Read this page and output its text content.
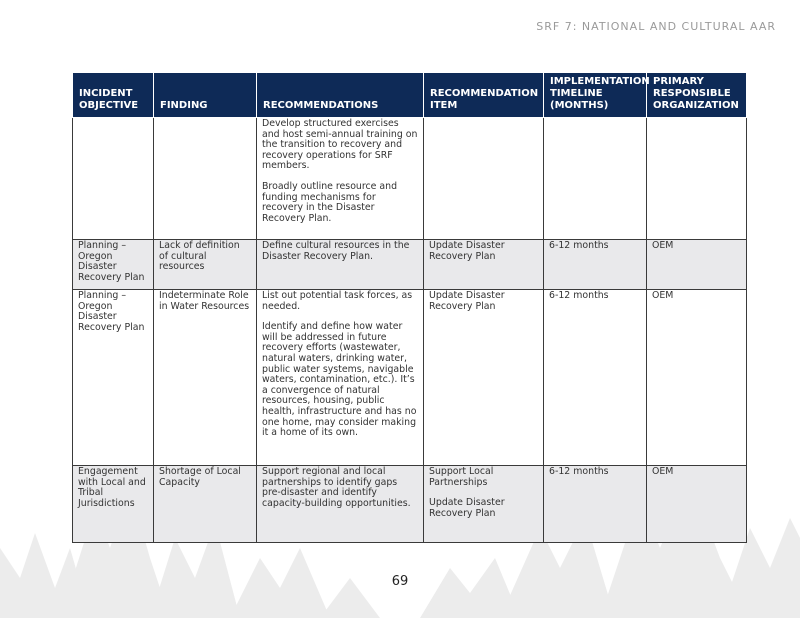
SRF 7: NATIONAL AND CULTURAL AAR
INCIDENT OBJECTIVE	FINDING	RECOMMENDATIONS	RECOMMENDATION ITEM	IMPLEMENTATION TIMELINE (MONTHS)	PRIMARY RESPONSIBLE ORGANIZATION

		Develop structured exercises and host semi-annual training on the transition to recovery and recovery operations for SRF members.
Broadly outline resource and funding mechanisms for recovery in the Disaster Recovery Plan.			

Planning – Oregon Disaster Recovery Plan	Lack of definition of cultural resources	Define cultural resources in the Disaster Recovery Plan.	Update Disaster Recovery Plan	6-12 months	OEM
Planning – Oregon Disaster Recovery Plan	Indeterminate Role in Water Resources	List out potential task forces, as needed.
Identify and define how water will be addressed in future recovery efforts (wastewater, natural waters, drinking water, public water systems, navigable waters, contamination, etc.). It’s a convergence of natural resources, housing, public health, infrastructure and has no one home, may consider making it a home of its own.	Update Disaster Recovery Plan	6-12 months	OEM
Engagement with Local and Tribal Jurisdictions	Shortage of Local Capacity	Support regional and local partnerships to identify gaps pre-disaster and identify capacity-building opportunities.	Support Local Partnerships
Update Disaster Recovery Plan	6-12 months	OEM
69
